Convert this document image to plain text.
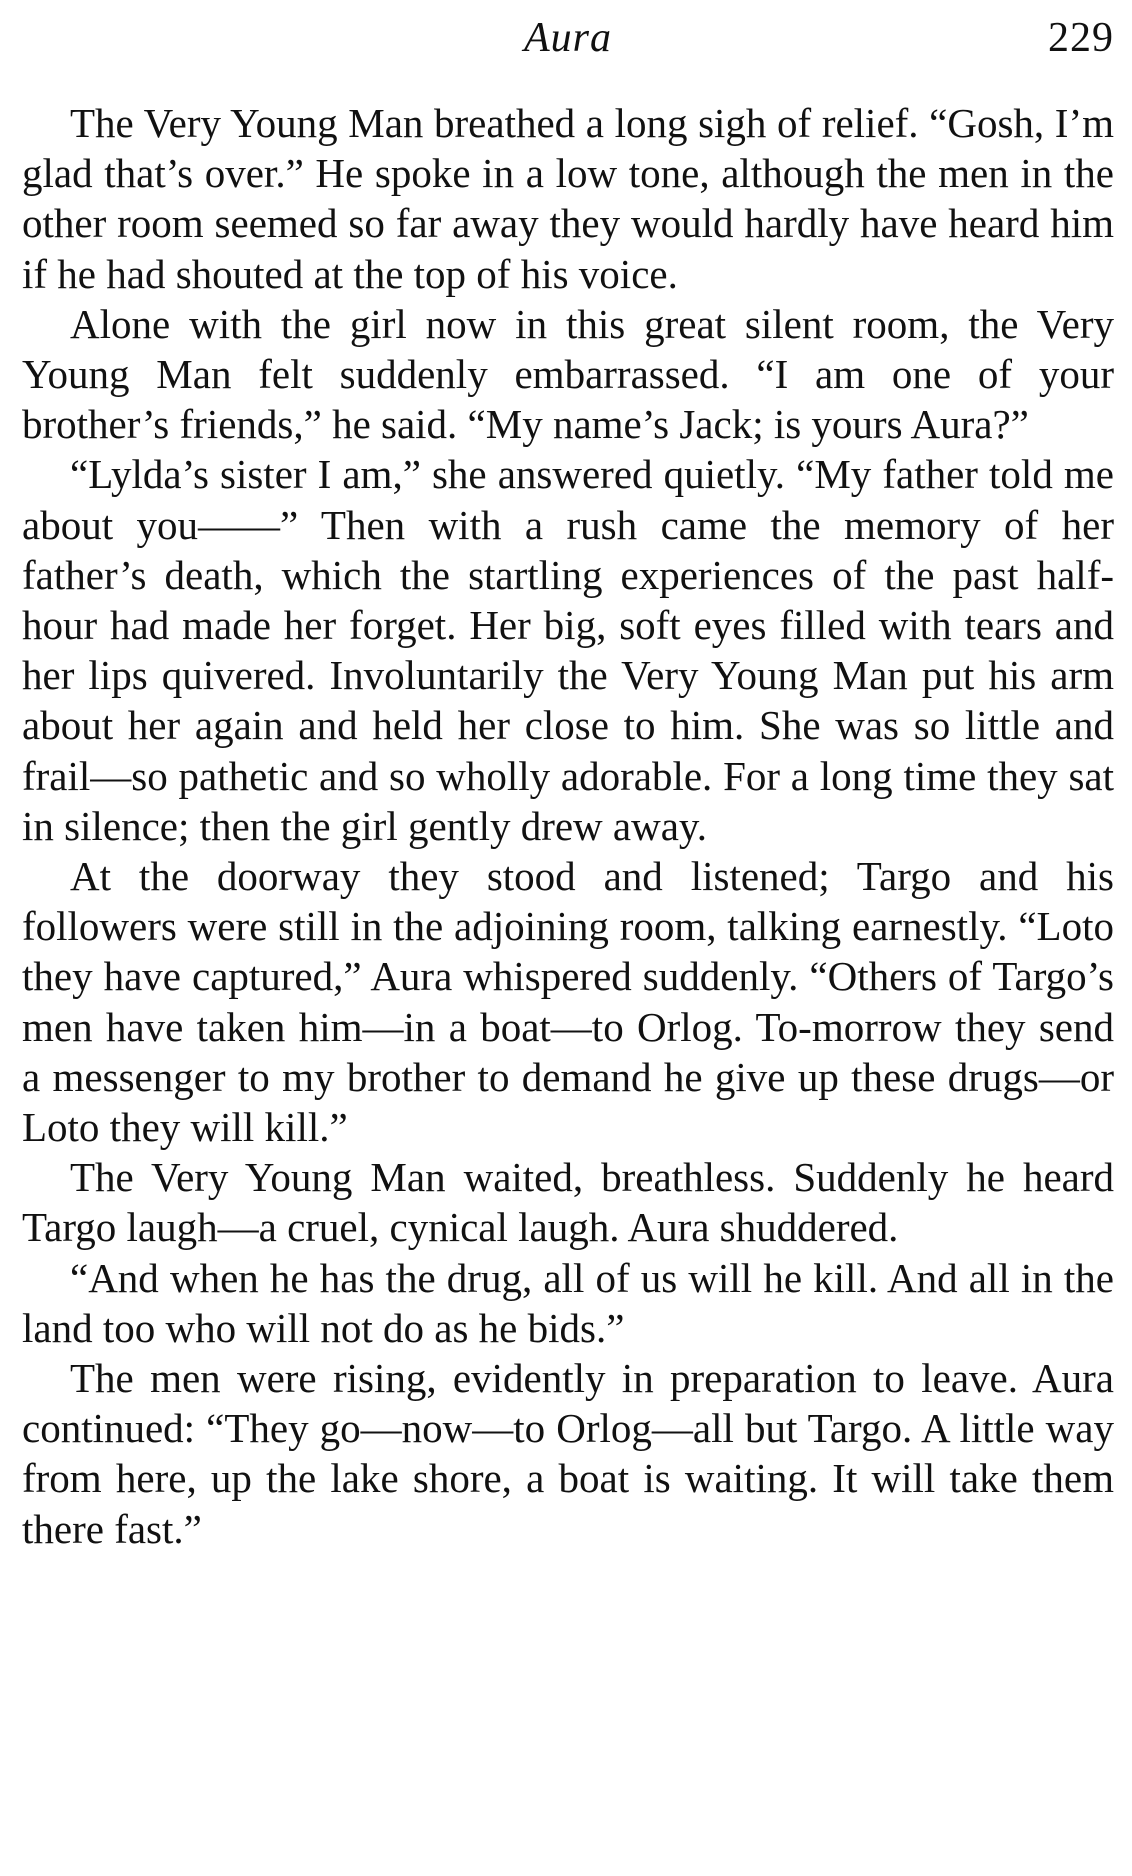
Aura	229

The Very Young Man breathed a long sigh of relief. “Gosh, I’m glad that’s over.” He spoke in a low tone, although the men in the other room seemed so far away they would hardly have heard him if he had shouted at the top of his voice.

Alone with the girl now in this great silent room, the Very Young Man felt suddenly embarrassed. “I am one of your brother’s friends,” he said. “My name’s Jack; is yours Aura?”

“Lylda’s sister I am,” she answered quietly. “My father told me about you——” Then with a rush came the memory of her father’s death, which the startling experiences of the past half-hour had made her forget. Her big, soft eyes filled with tears and her lips quivered. Involuntarily the Very Young Man put his arm about her again and held her close to him. She was so little and frail—so pathetic and so wholly adorable. For a long time they sat in silence; then the girl gently drew away.

At the doorway they stood and listened; Targo and his followers were still in the adjoining room, talking earnestly. “Loto they have captured,” Aura whispered suddenly. “Others of Targo’s men have taken him—in a boat—to Orlog. To-morrow they send a messenger to my brother to demand he give up these drugs—or Loto they will kill.”

The Very Young Man waited, breathless. Suddenly he heard Targo laugh—a cruel, cynical laugh. Aura shuddered.

“And when he has the drug, all of us will he kill. And all in the land too who will not do as he bids.”

The men were rising, evidently in preparation to leave. Aura continued: “They go—now—to Orlog—all but Targo. A little way from here, up the lake shore, a boat is waiting. It will take them there fast.”
